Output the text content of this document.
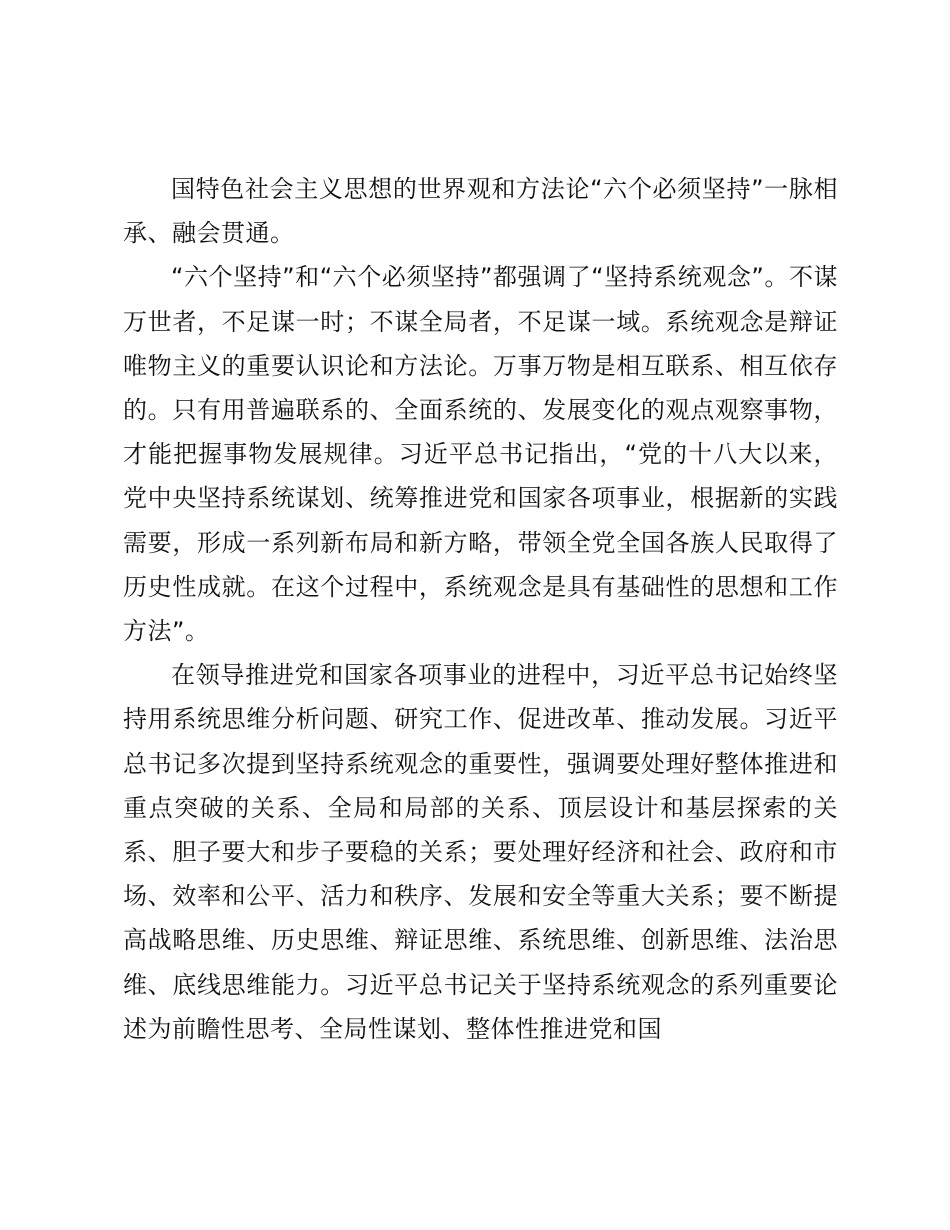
国特色社会主义思想的世界观和方法论“六个必须坚持”一脉相承、融会贯通。

“六个坚持”和“六个必须坚持”都强调了“坚持系统观念”。不谋万世者，不足谋一时；不谋全局者，不足谋一域。系统观念是辩证唯物主义的重要认识论和方法论。万事万物是相互联系、相互依存的。只有用普遍联系的、全面系统的、发展变化的观点观察事物，才能把握事物发展规律。习近平总书记指出，“党的十八大以来，党中央坚持系统谋划、统筹推进党和国家各项事业，根据新的实践需要，形成一系列新布局和新方略，带领全党全国各族人民取得了历史性成就。在这个过程中，系统观念是具有基础性的思想和工作方法”。

在领导推进党和国家各项事业的进程中，习近平总书记始终坚持用系统思维分析问题、研究工作、促进改革、推动发展。习近平总书记多次提到坚持系统观念的重要性，强调要处理好整体推进和重点突破的关系、全局和局部的关系、顶层设计和基层探索的关系、胆子要大和步子要稳的关系；要处理好经济和社会、政府和市场、效率和公平、活力和秩序、发展和安全等重大关系；要不断提高战略思维、历史思维、辩证思维、系统思维、创新思维、法治思维、底线思维能力。习近平总书记关于坚持系统观念的系列重要论述为前瞻性思考、全局性谋划、整体性推进党和国
